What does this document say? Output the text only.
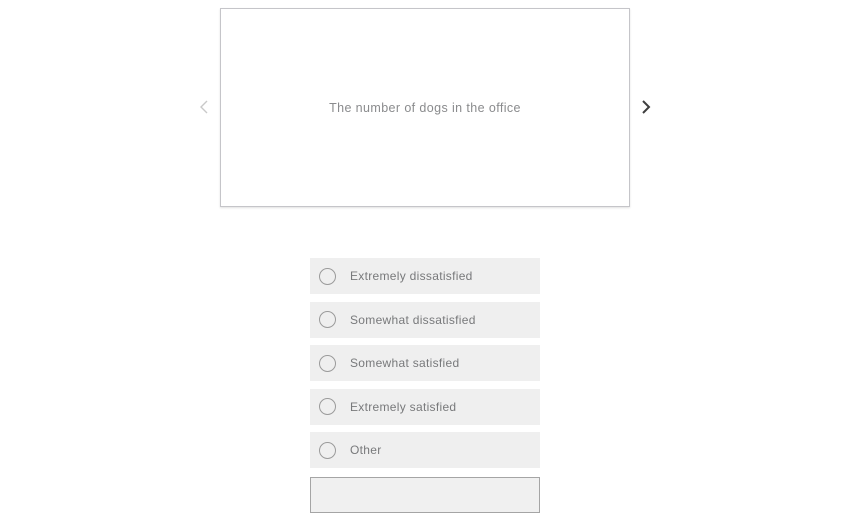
The number of dogs in the office
Extremely dissatisfied
Somewhat dissatisfied
Somewhat satisfied
Extremely satisfied
Other
